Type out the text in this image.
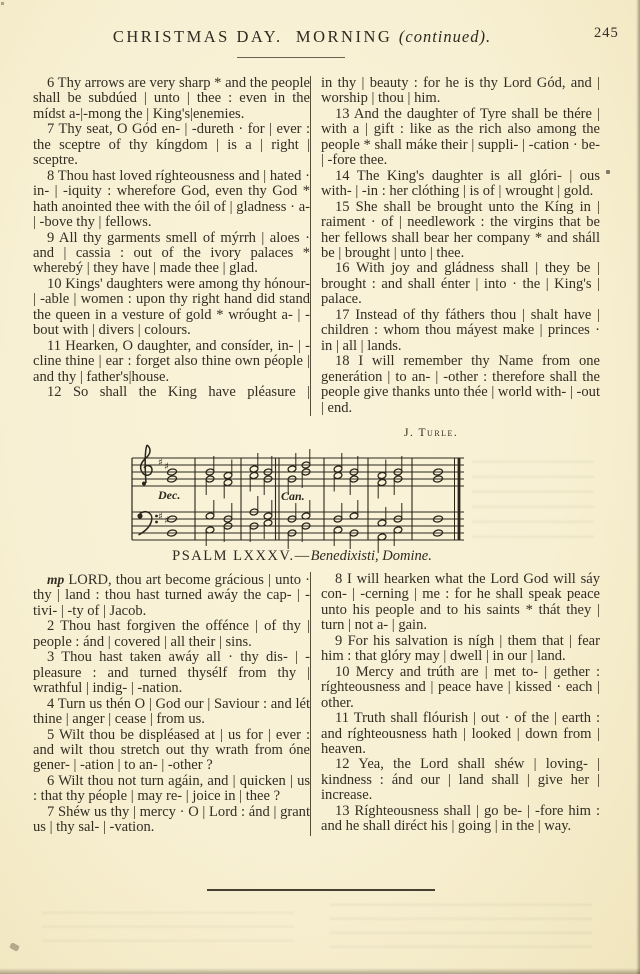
CHRISTMAS DAY.  MORNING (continued).	245

6 Thy arrows are very sharp * and the people shall be subdúed | unto | thee : even in the mídst a-|-mong the | King's|enemies.

7 Thy seat, O Gód en- | -dureth · for | ever : the sceptre of thy kíngdom | is a | right | sceptre.

8 Thou hast loved ríghteousness and | hated · in- | -iquity : wherefore God, even thy God * hath anointed thee with the óil of | gladness · a- | -bove thy | fellows.

9 All thy garments smell of mýrrh | aloes · and | cassia : out of the ivory palaces * wherebý | they have | made thee | glad.

10 Kings' daughters were among thy hónour- | -able | women : upon thy right hand did stand the queen in a vesture of gold * wróught a- | -bout with | divers | colours.

11 Hearken, O daughter, and consíder, in- | -cline thine | ear : forget also thine own péople | and thy | father's|house.

12 So shall the King have pléasure |

in thy | beauty : for he is thy Lord Gód, and | worship | thou | him.

13 And the daughter of Tyre shall be thére | with a | gift : like as the rich also among the people * shall máke their | suppli- | -cation · be- | -fore thee.

14 The King's daughter is all glóri- | ous with- | -in : her clóthing | is of | wrought | gold.

15 She shall be brought unto the Kíng in | raiment · of | needlework : the virgins that be her fellows shall bear her company * and sháll be | brought | unto | thee.

16 With joy and gládness shall | they be | brought : and shall énter | into · the | King's | palace.

17 Instead of thy fáthers thou | shalt have | children : whom thou máyest make | princes · in | all | lands.

18 I will remember thy Name from one generátion | to an- | -other : therefore shall the people give thanks unto thée | world with- | -out | end.

J. Turle.
♯ ♯
♯ ♯
Dec.	Can.
PSALM LXXXV.—Benedixisti, Domine.

mp LORD, thou art become grácious | unto · thy | land : thou hast turned awáy the cap- | -tivi- | -ty of | Jacob.

2 Thou hast forgiven the offénce | of thy | people : ánd | covered | all their | sins.

3 Thou hast taken awáy all · thy dis- | -pleasure : and turned thysélf from thy | wrathful | indig- | -nation.

4 Turn us thén O | God our | Saviour : and lét thine | anger | cease | from us.

5 Wilt thou be displéased at | us for | ever : and wilt thou stretch out thy wrath from óne gener- | -ation | to an- | -other ?

6 Wilt thou not turn agáin, and | quicken | us : that thy péople | may re- | joice in | thee ?

7 Shéw us thy | mercy · O | Lord : ánd | grant us | thy sal- | -vation.

8 I will hearken what the Lord God will sáy con- | -cerning | me : for he shall speak peace unto his people and to his saints * thát they | turn | not a- | gain.

9 For his salvation is nígh | them that | fear him : that glóry may | dwell | in our | land.

10 Mercy and trúth are | met to- | gether : ríghteousness and | peace have | kissed · each | other.

11 Truth shall flóurish | out · of the | earth : and ríghteousness hath | looked | down from | heaven.

12 Yea, the Lord shall shéw | loving- | kindness : ánd our | land shall | give her | increase.

13 Ríghteousness shall | go be- | -fore him : and he shall diréct his | going | in the | way.
